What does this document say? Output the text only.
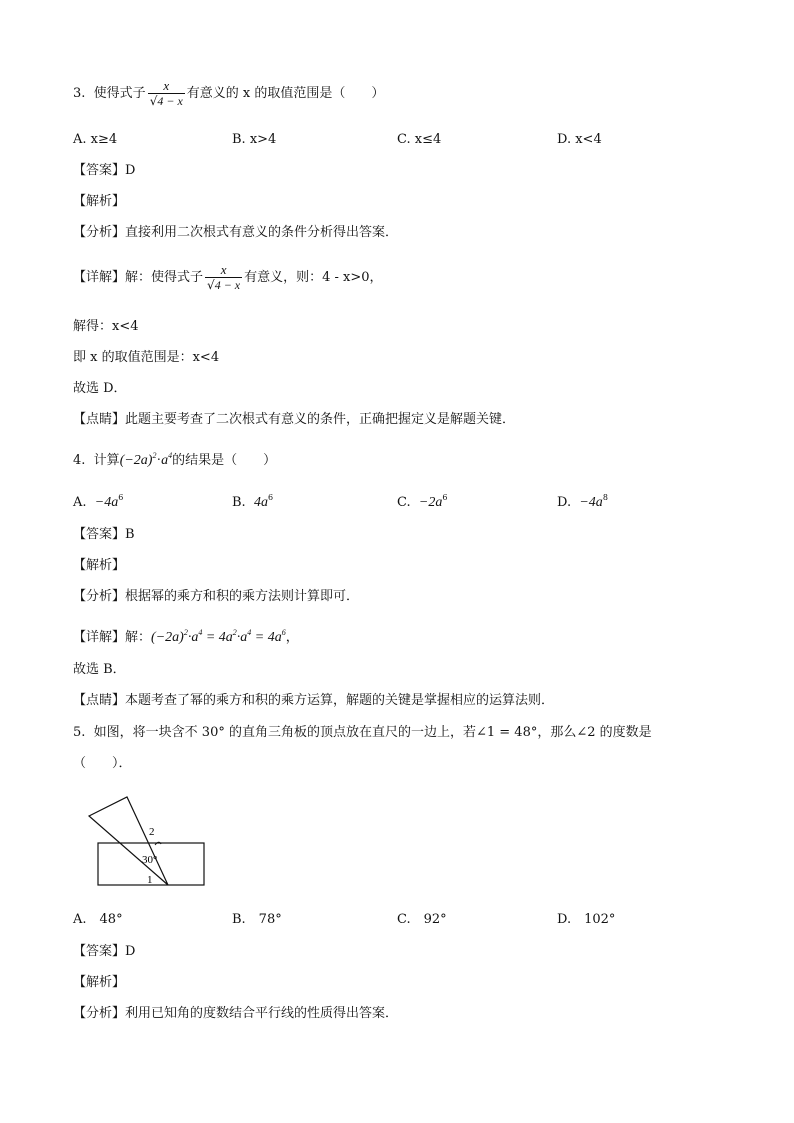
3. 使得式子 $\frac{x}{√4 - x}$ 有意义的 x 的取值范围是（　　）
A. x≥4	B. x>4	C. x≤4	D. x<4
【答案】D
【解析】
【分析】直接利用二次根式有意义的条件分析得出答案．
【详解】解：使得式子 $\frac{x}{√4 - x}$ 有意义，则：4 - x>0，
解得：x<4
即 x 的取值范围是：x<4
故选 D．
【点睛】此题主要考查了二次根式有意义的条件，正确把握定义是解题关键．
4. 计算$(-2a)^2\cdot a^4$的结果是（　　）
A. $-4a^6$	B. $4a^6$	C. $-2a^6$	D. $-4a^8$
【答案】B
【解析】
【分析】根据幂的乘方和积的乘方法则计算即可．
【详解】解：$(-2a)^2\cdot a^4 = 4a^2\cdot a^4 = 4a^6$，
故选 B．
【点睛】本题考查了幂的乘方和积的乘方运算，解题的关键是掌握相应的运算法则．
5. 如图，将一块含不 30° 的直角三角板的顶点放在直尺的一边上，若∠1 = 48°，那么∠2 的度数是
（　　）．
2
30°
1
A.　48°	B.　78°	C.　92°	D.　102°
【答案】D
【解析】
【分析】利用已知角的度数结合平行线的性质得出答案．
